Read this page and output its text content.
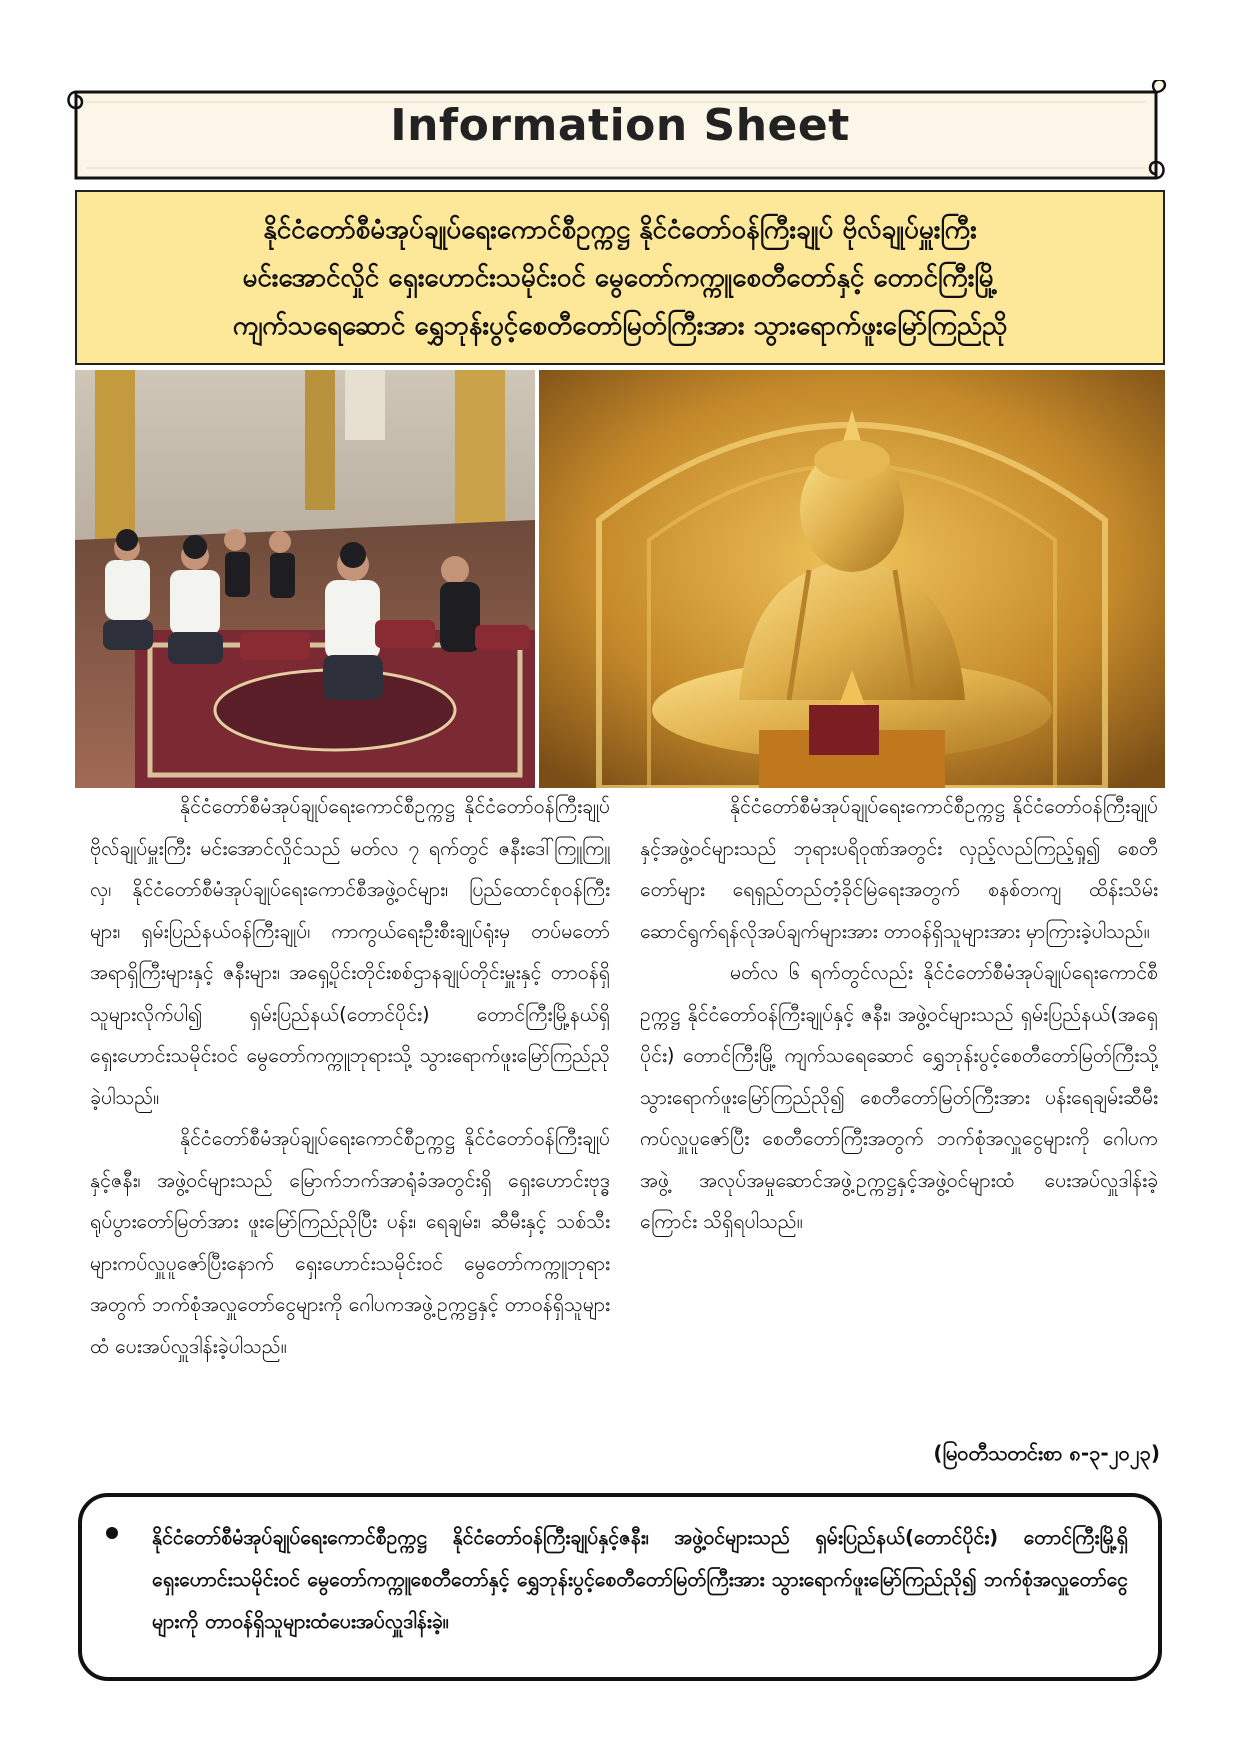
Information Sheet
နိုင်ငံတော်စီမံအုပ်ချုပ်ရေးကောင်စီဥက္ကဋ္ဌ နိုင်ငံတော်ဝန်ကြီးချုပ် ဗိုလ်ချုပ်မှူးကြီး
မင်းအောင်လှိုင် ရှေးဟောင်းသမိုင်းဝင် မွေတော်ကက္ကူစေတီတော်နှင့် တောင်ကြီးမြို့
ကျက်သရေဆောင် ရွှေဘုန်းပွင့်စေတီတော်မြတ်ကြီးအား သွားရောက်ဖူးမြော်ကြည်ညို

နိုင်ငံတော်စီမံအုပ်ချုပ်ရေးကောင်စီဥက္ကဋ္ဌ နိုင်ငံတော်ဝန်ကြီးချုပ် ဗိုလ်ချုပ်မှူးကြီး မင်းအောင်လှိုင်သည် မတ်လ ၇ ရက်တွင် ဇနီးဒေါ်ကြူကြူလှ၊ နိုင်ငံတော်စီမံအုပ်ချုပ်ရေးကောင်စီအဖွဲ့ဝင်များ၊ ပြည်ထောင်စုဝန်ကြီးများ၊ ရှမ်းပြည်နယ်ဝန်ကြီးချုပ်၊ ကာကွယ်ရေးဦးစီးချုပ်ရုံးမှ တပ်မတော်အရာရှိကြီးများနှင့် ဇနီးများ၊ အရှေ့ပိုင်းတိုင်းစစ်ဌာနချုပ်တိုင်းမှူးနှင့် တာဝန်ရှိသူများလိုက်ပါ၍ ရှမ်းပြည်နယ်(တောင်ပိုင်း) တောင်ကြီးမြို့နယ်ရှိ ရှေးဟောင်းသမိုင်းဝင် မွေတော်ကက္ကူဘုရားသို့ သွားရောက်ဖူးမြော်ကြည်ညိုခဲ့ပါသည်။

နိုင်ငံတော်စီမံအုပ်ချုပ်ရေးကောင်စီဥက္ကဋ္ဌ နိုင်ငံတော်ဝန်ကြီးချုပ်နှင့်ဇနီး၊ အဖွဲ့ဝင်များသည် မြောက်ဘက်အာရုံခံအတွင်းရှိ ရှေးဟောင်းဗုဒ္ဓရုပ်ပွားတော်မြတ်အား ဖူးမြော်ကြည်ညိုပြီး ပန်း၊ ရေချမ်း၊ ဆီမီးနှင့် သစ်သီးများကပ်လှူပူဇော်ပြီးနောက် ရှေးဟောင်းသမိုင်းဝင် မွေတော်ကက္ကူဘုရားအတွက် ဘက်စုံအလှူတော်ငွေများကို ဂေါပကအဖွဲ့ဥက္ကဋ္ဌနှင့် တာဝန်ရှိသူများထံ ပေးအပ်လှူဒါန်းခဲ့ပါသည်။

နိုင်ငံတော်စီမံအုပ်ချုပ်ရေးကောင်စီဥက္ကဋ္ဌ နိုင်ငံတော်ဝန်ကြီးချုပ်နှင့်အဖွဲ့ဝင်များသည် ဘုရားပရိဝုဏ်အတွင်း လှည့်လည်ကြည့်ရှု၍ စေတီတော်များ ရေရှည်တည်တံ့ခိုင်မြဲရေးအတွက် စနစ်တကျ ထိန်းသိမ်းဆောင်ရွက်ရန်လိုအပ်ချက်များအား တာဝန်ရှိသူများအား မှာကြားခဲ့ပါသည်။

မတ်လ ၆ ရက်တွင်လည်း နိုင်ငံတော်စီမံအုပ်ချုပ်ရေးကောင်စီဥက္ကဋ္ဌ နိုင်ငံတော်ဝန်ကြီးချုပ်နှင့် ဇနီး၊ အဖွဲ့ဝင်များသည် ရှမ်းပြည်နယ်(အရှေ့ပိုင်း) တောင်ကြီးမြို့ ကျက်သရေဆောင် ရွှေဘုန်းပွင့်စေတီတော်မြတ်ကြီးသို့ သွားရောက်ဖူးမြော်ကြည်ညို၍ စေတီတော်မြတ်ကြီးအား ပန်းရေချမ်းဆီမီး ကပ်လှူပူဇော်ပြီး စေတီတော်ကြီးအတွက် ဘက်စုံအလှူငွေများကို ဂေါပကအဖွဲ့ အလုပ်အမှုဆောင်အဖွဲ့ဥက္ကဋ္ဌနှင့်အဖွဲ့ဝင်များထံ ပေးအပ်လှူဒါန်းခဲ့ကြောင်း သိရှိရပါသည်။

(မြဝတီသတင်းစာ ၈-၃-၂၀၂၃)
နိုင်ငံတော်စီမံအုပ်ချုပ်ရေးကောင်စီဥက္ကဋ္ဌ နိုင်ငံတော်ဝန်ကြီးချုပ်နှင့်ဇနီး၊ အဖွဲ့ဝင်များသည် ရှမ်းပြည်နယ်(တောင်ပိုင်း) တောင်ကြီးမြို့ရှိ ရှေးဟောင်းသမိုင်းဝင် မွေတော်ကက္ကူစေတီတော်နှင့် ရွှေဘုန်းပွင့်စေတီတော်မြတ်ကြီးအား သွားရောက်ဖူးမြော်ကြည်ညို၍ ဘက်စုံအလှူတော်ငွေများကို တာဝန်ရှိသူများထံပေးအပ်လှူဒါန်းခဲ့။
